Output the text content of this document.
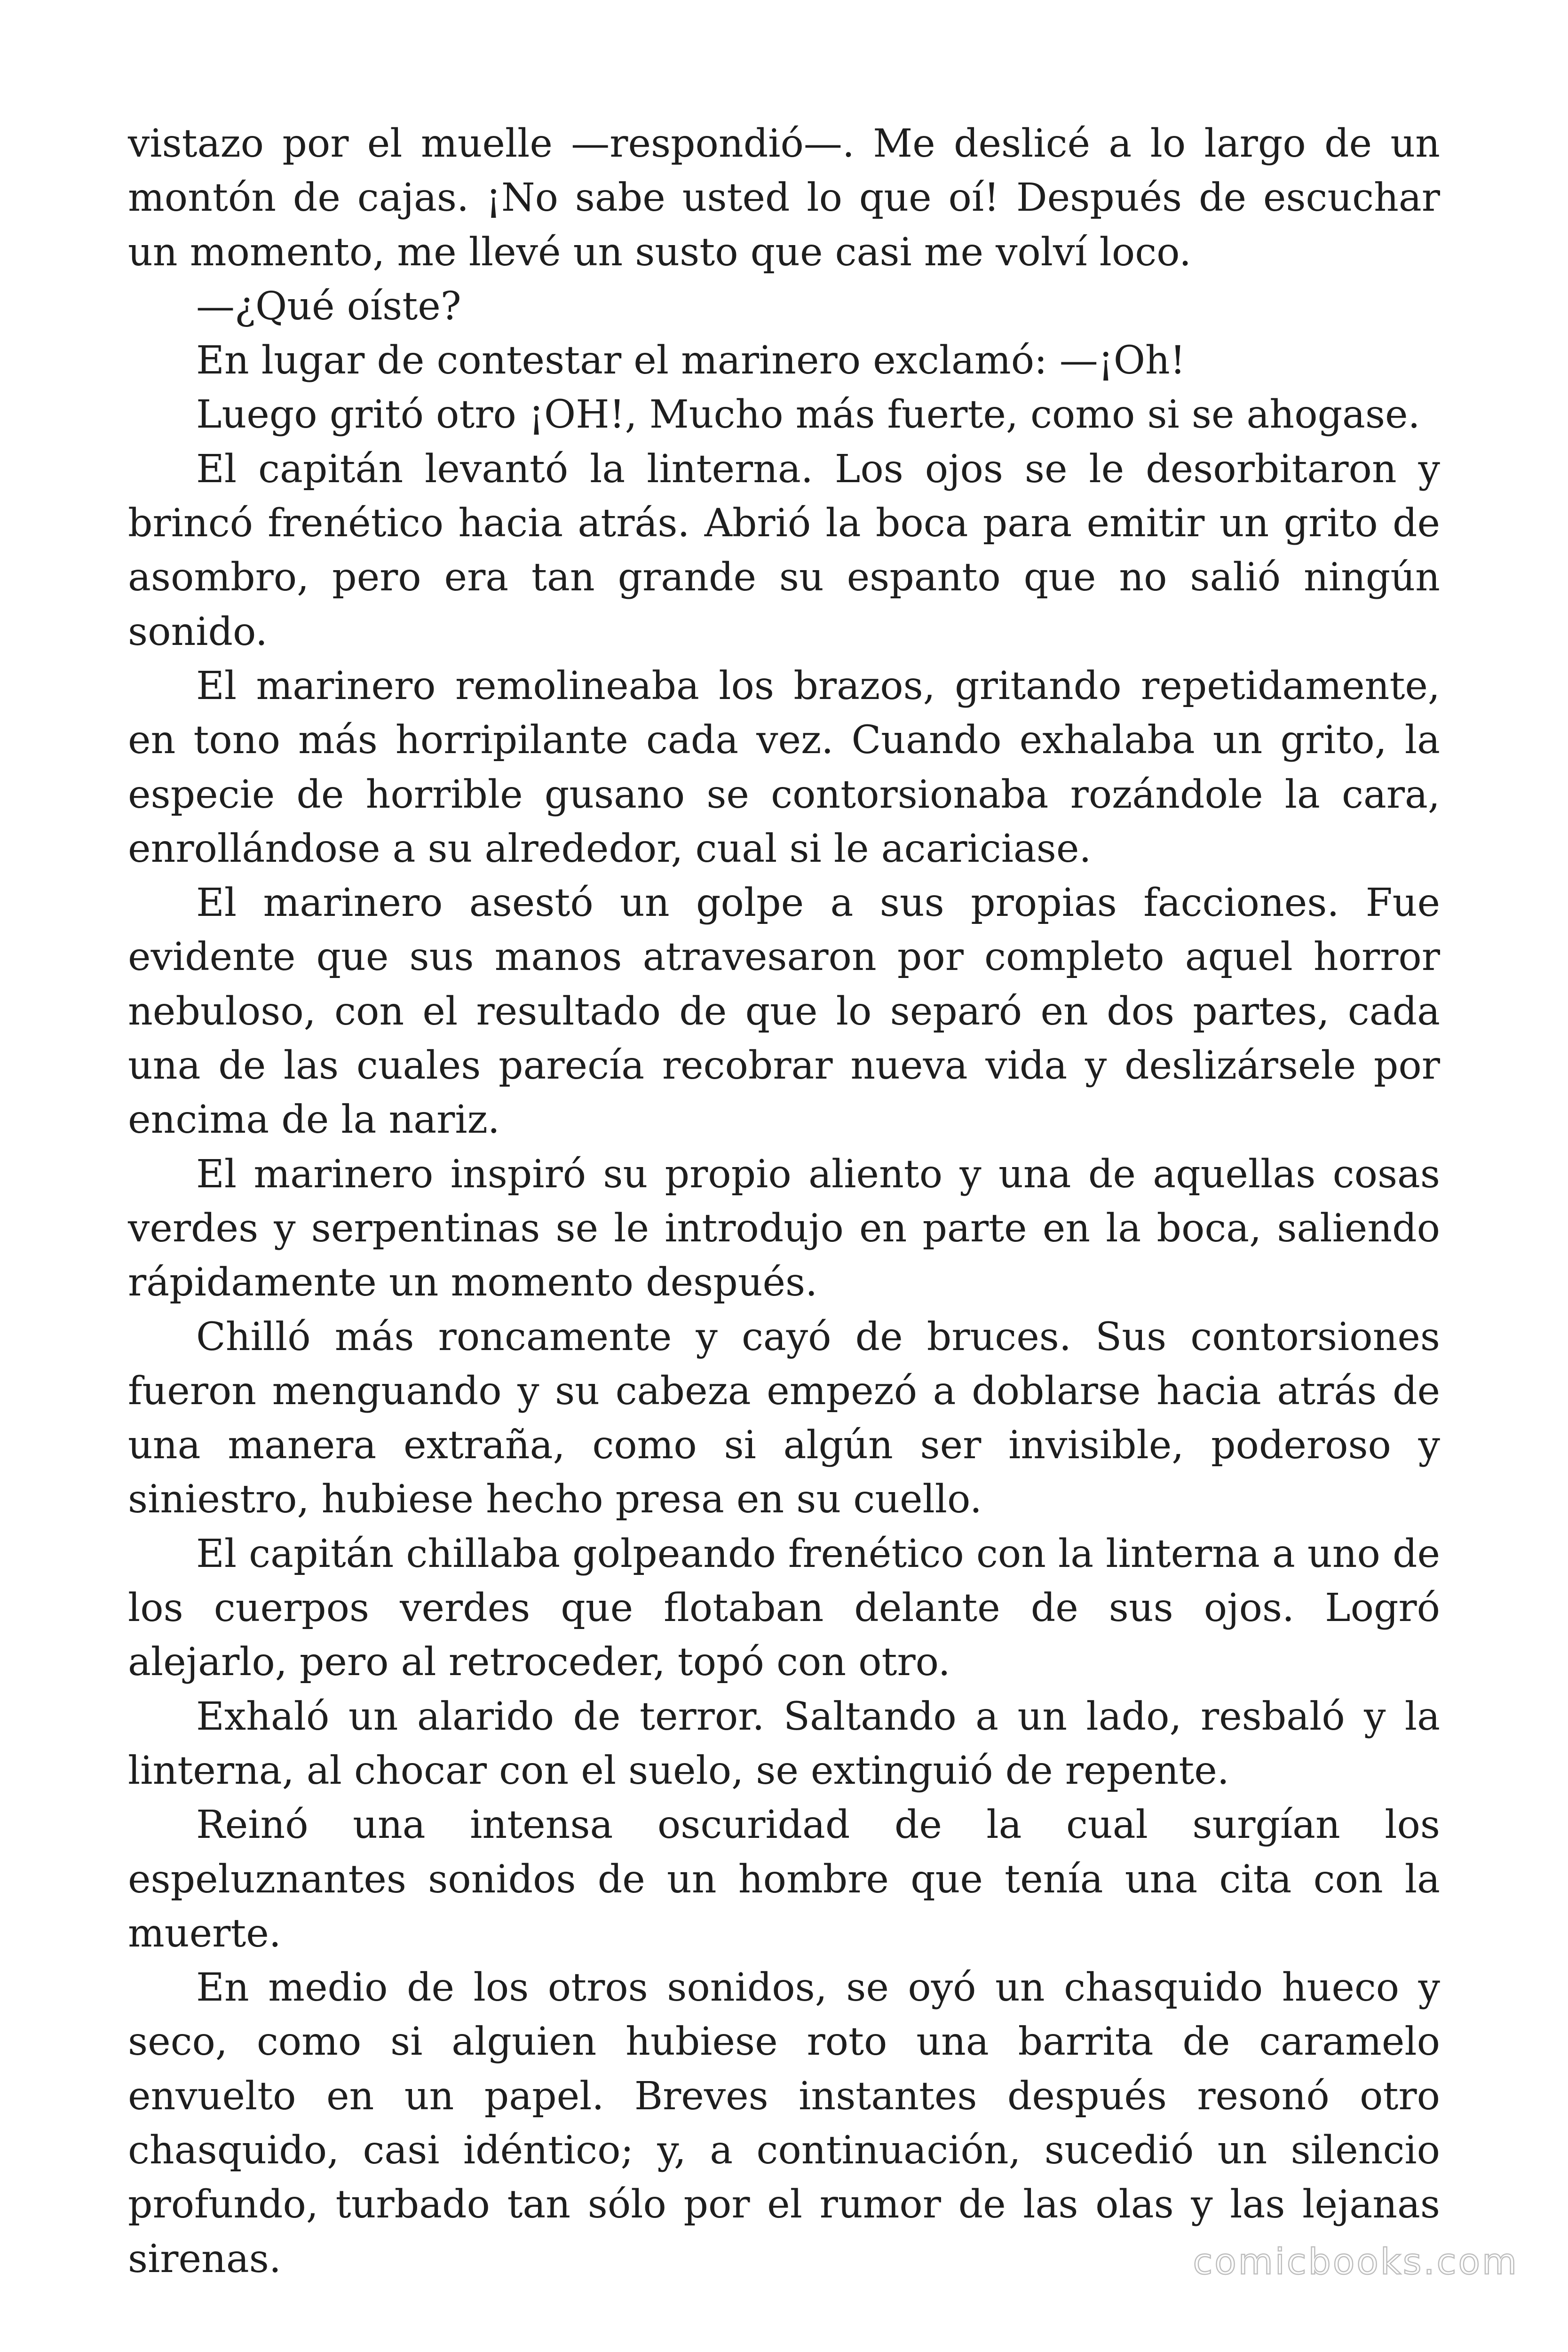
vistazo por el muelle —respondió—. Me deslicé a lo largo de un montón de cajas. ¡No sabe usted lo que oí! Después de escuchar un momento, me llevé un susto que casi me volví loco.

—¿Qué oíste?

En lugar de contestar el marinero exclamó: —¡Oh!

Luego gritó otro ¡OH!, Mucho más fuerte, como si se ahogase.

El capitán levantó la linterna. Los ojos se le desorbitaron y brincó frenético hacia atrás. Abrió la boca para emitir un grito de asombro, pero era tan grande su espanto que no salió ningún sonido.

El marinero remolineaba los brazos, gritando repetidamente, en tono más horripilante cada vez. Cuando exhalaba un grito, la especie de horrible gusano se contorsionaba rozándole la cara, enrollándose a su alrededor, cual si le acariciase.

El marinero asestó un golpe a sus propias facciones. Fue evidente que sus manos atravesaron por completo aquel horror nebuloso, con el resultado de que lo separó en dos partes, cada una de las cuales parecía recobrar nueva vida y deslizársele por encima de la nariz.

El marinero inspiró su propio aliento y una de aquellas cosas verdes y serpentinas se le introdujo en parte en la boca, saliendo rápidamente un momento después.

Chilló más roncamente y cayó de bruces. Sus contorsiones fueron menguando y su cabeza empezó a doblarse hacia atrás de una manera extraña, como si algún ser invisible, poderoso y siniestro, hubiese hecho presa en su cuello.

El capitán chillaba golpeando frenético con la linterna a uno de los cuerpos verdes que flotaban delante de sus ojos. Logró alejarlo, pero al retroceder, topó con otro.

Exhaló un alarido de terror. Saltando a un lado, resbaló y la linterna, al chocar con el suelo, se extinguió de repente.

Reinó una intensa oscuridad de la cual surgían los espeluznantes sonidos de un hombre que tenía una cita con la muerte.

En medio de los otros sonidos, se oyó un chasquido hueco y seco, como si alguien hubiese roto una barrita de caramelo envuelto en un papel. Breves instantes después resonó otro chasquido, casi idéntico; y, a continuación, sucedió un silencio profundo, turbado tan sólo por el rumor de las olas y las lejanas sirenas.	comicbooks.com
